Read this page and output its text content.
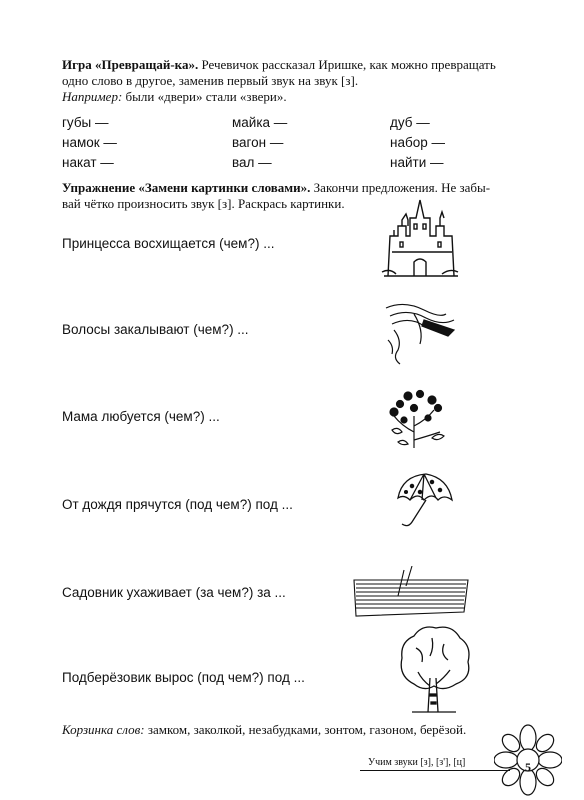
Игра «Превращай-ка». Речевичок рассказал Иришке, как можно превращать
одно слово в другое, заменив первый звук на звук [з].
Например: были «двери» стали «звери».
губы —
намок —
накат —
майка —
вагон —
вал —
дуб —
набор —
найти —
Упражнение «Замени картинки словами». Закончи предложения. Не забы-
вай чётко произносить звук [з]. Раскрась картинки.
Принцесса восхищается (чем?) ...
Волосы закалывают (чем?) ...
Мама любуется (чем?) ...
От дождя прячутся (под чем?) под ...
Садовник ухаживает (за чем?) за ...
Подберёзовик вырос (под чем?) под ...
Корзинка слов: замком, заколкой, незабудками, зонтом, газоном, берёзой.
Учим звуки [з], [з'], [ц]	5
